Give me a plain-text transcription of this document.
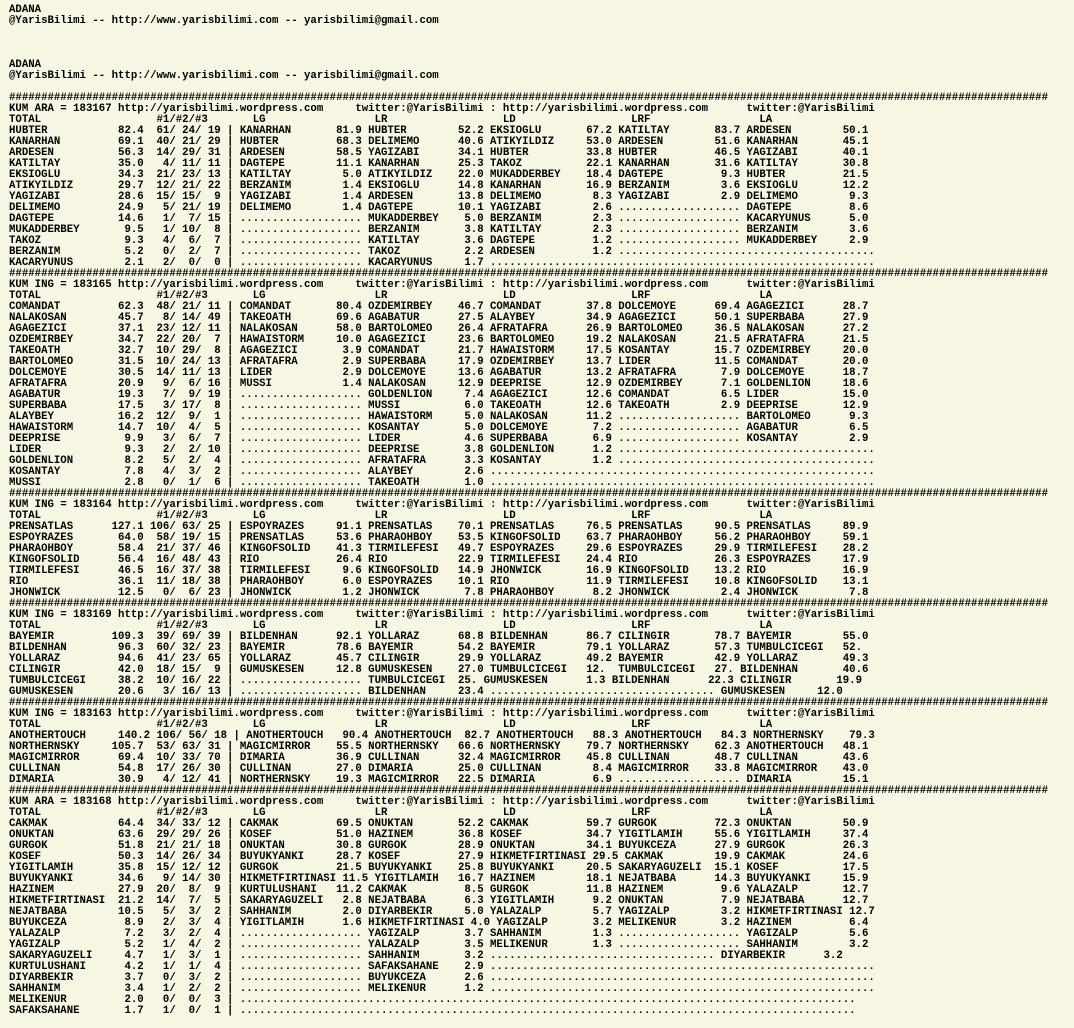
ADANA
@YarisBilimi -- http://www.yarisbilimi.com -- yarisbilimi@gmail.com

ADANA
@YarisBilimi -- http://www.yarisbilimi.com -- yarisbilimi@gmail.com

##################################################################################################################################################################
KUM ARA = 183167 http://yarisbilimi.wordpress.com     twitter:@YarisBilimi : http://yarisbilimi.wordpress.com      twitter:@YarisBilimi
TOTAL                  #1/#2/#3       LG                 LR                  LD                  LRF                 LA
HUBTER           82.4  61/ 24/ 19 | KANARHAN       81.9 HUBTER        52.2 EKSIOGLU       67.2 KATILTAY       83.7 ARDESEN        50.1
KANARHAN         69.1  40/ 21/ 29 | HUBTER         68.3 DELIMEMO      40.6 ATIKYILDIZ     53.0 ARDESEN        51.6 KANARHAN       45.1
ARDESEN          56.3  14/ 29/ 31 | ARDESEN        58.5 YAGIZABI      34.1 HUBTER         33.8 HUBTER         46.5 YAGIZABI       40.1
KATILTAY         35.0   4/ 11/ 11 | DAGTEPE        11.1 KANARHAN      25.3 TAKOZ          22.1 KANARHAN       31.6 KATILTAY       30.8
EKSIOGLU         34.3  21/ 23/ 13 | KATILTAY        5.0 ATIKYILDIZ    22.0 MUKADDERBEY    18.4 DAGTEPE         9.3 HUBTER         21.5
ATIKYILDIZ       29.7  12/ 21/ 22 | BERZANIM        1.4 EKSIOGLU      14.8 KANARHAN       16.9 BERZANIM        3.6 EKSIOGLU       12.2
YAGIZABI         28.6  15/ 15/  9 | YAGIZABI        1.4 ARDESEN       13.8 DELIMEMO        8.3 YAGIZABI        2.9 DELIMEMO        9.3
DELIMEMO         24.9   5/ 21/ 19 | DELIMEMO        1.4 DAGTEPE       10.1 YAGIZABI        2.6 ................... DAGTEPE         8.6
DAGTEPE          14.6   1/  7/ 15 | ................... MUKADDERBEY    5.0 BERZANIM        2.3 ................... KACARYUNUS      5.0
MUKADDERBEY       9.5   1/ 10/  8 | ................... BERZANIM       3.8 KATILTAY        2.3 ................... BERZANIM        3.6
TAKOZ             9.3   4/  6/  7 | ................... KATILTAY       3.6 DAGTEPE         1.2 ................... MUKADDERBEY     2.9
BERZANIM          5.2   0/  2/  7 | ................... TAKOZ          2.2 ARDESEN         1.2 ........................................
KACARYUNUS        2.1   2/  0/  0 | ................... KACARYUNUS     1.7 ............................................................
##################################################################################################################################################################
KUM ING = 183165 http://yarisbilimi.wordpress.com     twitter:@YarisBilimi : http://yarisbilimi.wordpress.com      twitter:@YarisBilimi
TOTAL                  #1/#2/#3       LG                 LR                  LD                  LRF                 LA
COMANDAT         62.3  48/ 21/ 11 | COMANDAT       80.4 OZDEMIRBEY    46.7 COMANDAT       37.8 DOLCEMOYE      69.4 AGAGEZICI      28.7
NALAKOSAN        45.7   8/ 14/ 49 | TAKEOATH       69.6 AGABATUR      27.5 ALAYBEY        34.9 AGAGEZICI      50.1 SUPERBABA      27.9
AGAGEZICI        37.1  23/ 12/ 11 | NALAKOSAN      58.0 BARTOLOMEO    26.4 AFRATAFRA      26.9 BARTOLOMEO     36.5 NALAKOSAN      27.2
OZDEMIRBEY       34.7  22/ 20/  7 | HAWAISTORM     10.0 AGAGEZICI     23.6 BARTOLOMEO     19.2 NALAKOSAN      21.5 AFRATAFRA      21.5
TAKEOATH         32.7  10/ 29/  8 | AGAGEZICI       3.9 COMANDAT      21.7 HAWAISTORM     17.5 KOSANTAY       15.7 OZDEMIRBEY     20.0
BARTOLOMEO       31.5  10/ 24/ 13 | AFRATAFRA       2.9 SUPERBABA     17.9 OZDEMIRBEY     13.7 LIDER          11.5 COMANDAT       20.0
DOLCEMOYE        30.5  14/ 11/ 13 | LIDER           2.9 DOLCEMOYE     13.6 AGABATUR       13.2 AFRATAFRA       7.9 DOLCEMOYE      18.7
AFRATAFRA        20.9   9/  6/ 16 | MUSSI           1.4 NALAKOSAN     12.9 DEEPRISE       12.9 OZDEMIRBEY      7.1 GOLDENLION     18.6
AGABATUR         19.3   7/  9/ 19 | ................... GOLDENLION     7.4 AGAGEZICI      12.6 COMANDAT        6.5 LIDER          15.0
SUPERBABA        17.5   3/ 17/  8 | ................... MUSSI          6.0 TAKEOATH       12.6 TAKEOATH        2.9 DEEPRISE       12.9
ALAYBEY          16.2  12/  9/  1 | ................... HAWAISTORM     5.0 NALAKOSAN      11.2 ................... BARTOLOMEO      9.3
HAWAISTORM       14.7  10/  4/  5 | ................... KOSANTAY       5.0 DOLCEMOYE       7.2 ................... AGABATUR        6.5
DEEPRISE          9.9   3/  6/  7 | ................... LIDER          4.6 SUPERBABA       6.9 ................... KOSANTAY        2.9
LIDER             9.3   2/  2/ 10 | ................... DEEPRISE       3.8 GOLDENLION      1.2 ........................................
GOLDENLION        8.2   5/  2/  4 | ................... AFRATAFRA      3.3 KOSANTAY        1.2 ........................................
KOSANTAY          7.8   4/  3/  2 | ................... ALAYBEY        2.6 ............................................................
MUSSI             2.8   0/  1/  6 | ................... TAKEOATH       1.0 ............................................................
##################################################################################################################################################################
KUM ING = 183164 http://yarisbilimi.wordpress.com     twitter:@YarisBilimi : http://yarisbilimi.wordpress.com      twitter:@YarisBilimi
TOTAL                  #1/#2/#3       LG                 LR                  LD                  LRF                 LA
PRENSATLAS      127.1 106/ 63/ 25 | ESPOYRAZES     91.1 PRENSATLAS    70.1 PRENSATLAS     76.5 PRENSATLAS     90.5 PRENSATLAS     89.9
ESPOYRAZES       64.0  58/ 19/ 15 | PRENSATLAS     53.6 PHARAOHBOY    53.5 KINGOFSOLID    63.7 PHARAOHBOY     56.2 PHARAOHBOY     59.1
PHARAOHBOY       58.4  21/ 37/ 46 | KINGOFSOLID    41.3 TIRMILEFESI   49.7 ESPOYRAZES     29.6 ESPOYRAZES     29.9 TIRMILEFESI    28.2
KINGOFSOLID      56.4  16/ 48/ 43 | RIO            26.4 RIO           22.9 TIRMILEFESI    24.4 RIO            26.3 ESPOYRAZES     17.9
TIRMILEFESI      46.5  16/ 37/ 38 | TIRMILEFESI     9.6 KINGOFSOLID   14.9 JHONWICK       16.9 KINGOFSOLID    13.2 RIO            16.9
RIO              36.1  11/ 18/ 38 | PHARAOHBOY      6.0 ESPOYRAZES    10.1 RIO            11.9 TIRMILEFESI    10.8 KINGOFSOLID    13.1
JHONWICK         12.5   0/  6/ 23 | JHONWICK        1.2 JHONWICK       7.8 PHARAOHBOY      8.2 JHONWICK        2.4 JHONWICK        7.8
##################################################################################################################################################################
KUM ING = 183169 http://yarisbilimi.wordpress.com     twitter:@YarisBilimi : http://yarisbilimi.wordpress.com      twitter:@YarisBilimi
TOTAL                  #1/#2/#3       LG                 LR                  LD                  LRF                 LA
BAYEMIR         109.3  39/ 69/ 39 | BILDENHAN      92.1 YOLLARAZ      68.8 BILDENHAN      86.7 CILINGIR       78.7 BAYEMIR        55.0
BILDENHAN        96.3  60/ 32/ 23 | BAYEMIR        78.6 BAYEMIR       54.2 BAYEMIR        79.1 YOLLARAZ       57.3 TUMBULCICEGI   52.
YOLLARAZ         94.6  41/ 23/ 65 | YOLLARAZ       45.7 CILINGIR      29.9 YOLLARAZ       49.2 BAYEMIR        42.9 YOLLARAZ       49.3
CILINGIR         42.0  18/ 15/  9 | GUMUSKESEN     12.8 GUMUSKESEN    27.0 TUMBULCICEGI   12.  TUMBULCICEGI   27. BILDENHAN       40.6
TUMBULCICEGI     38.2  10/ 16/ 22 | ................... TUMBULCICEGI  25. GUMUSKESEN      1.3 BILDENHAN      22.3 CILINGIR       19.9
GUMUSKESEN       20.6   3/ 16/ 13 | ................... BILDENHAN     23.4 ................................... GUMUSKESEN     12.0
##################################################################################################################################################################
KUM ING = 183163 http://yarisbilimi.wordpress.com     twitter:@YarisBilimi : http://yarisbilimi.wordpress.com      twitter:@YarisBilimi
TOTAL                  #1/#2/#3       LG                 LR                  LD                  LRF                 LA
ANOTHERTOUCH     140.2 106/ 56/ 18 | ANOTHERTOUCH   90.4 ANOTHERTOUCH  82.7 ANOTHERTOUCH   88.3 ANOTHERTOUCH   84.3 NORTHERNSKY    79.3
NORTHERNSKY     105.7  53/ 63/ 31 | MAGICMIRROR    55.5 NORTHERNSKY   66.6 NORTHERNSKY    79.7 NORTHERNSKY    62.3 ANOTHERTOUCH   48.1
MAGICMIRROR      69.4  10/ 33/ 70 | DIMARIA        36.9 CULLINAN      32.4 MAGICMIRROR    45.8 CULLINAN       48.7 CULLINAN       43.6
CULLINAN         54.8  17/ 26/ 30 | CULLINAN       27.0 DIMARIA       25.0 CULLINAN        8.4 MAGICMIRROR    33.8 MAGICMIRROR    43.0
DIMARIA          30.9   4/ 12/ 41 | NORTHERNSKY    19.3 MAGICMIRROR   22.5 DIMARIA         6.9 ................... DIMARIA        15.1
##################################################################################################################################################################
KUM ARA = 183168 http://yarisbilimi.wordpress.com     twitter:@YarisBilimi : http://yarisbilimi.wordpress.com      twitter:@YarisBilimi
TOTAL                  #1/#2/#3       LG                 LR                  LD                  LRF                 LA
CAKMAK           64.4  34/ 33/ 12 | CAKMAK         69.5 ONUKTAN       52.2 CAKMAK         59.7 GURGOK         72.3 ONUKTAN        50.9
ONUKTAN          63.6  29/ 29/ 26 | KOSEF          51.0 HAZINEM       36.8 KOSEF          34.7 YIGITLAMIH     55.6 YIGITLAMIH     37.4
GURGOK           51.8  21/ 21/ 18 | ONUKTAN        30.8 GURGOK        28.9 ONUKTAN        34.1 BUYUKCEZA      27.9 GURGOK         26.3
KOSEF            50.3  14/ 26/ 34 | BUYUKYANKI     28.7 KOSEF         27.9 HIKMETFIRTINASI 29.5 CAKMAK        19.9 CAKMAK         24.6
YIGITLAMIH       35.8  15/ 12/ 12 | GURGOK         21.5 BUYUKYANKI    25.8 BUYUKYANKI     20.5 SAKARYAGUZELI  15.1 KOSEF          17.5
BUYUKYANKI       34.6   9/ 14/ 30 | HIKMETFIRTINASI 11.5 YIGITLAMIH   16.7 HAZINEM        18.1 NEJATBABA      14.3 BUYUKYANKI     15.9
HAZINEM          27.9  20/  8/  9 | KURTULUSHANI   11.2 CAKMAK         8.5 GURGOK         11.8 HAZINEM         9.6 YALAZALP       12.7
HIKMETFIRTINASI  21.2  14/  7/  5 | SAKARYAGUZELI   2.8 NEJATBABA      6.3 YIGITLAMIH      9.2 ONUKTAN         7.9 NEJATBABA      12.7
NEJATBABA        10.5   5/  3/  2 | SAHHANIM        2.0 DIYARBEKIR     5.0 YALAZALP        5.7 YAGIZALP        3.2 HIKMETFIRTINASI 12.7
BUYUKCEZA         8.9   2/  3/  4 | YIGITLAMIH      1.6 HIKMETFIRTINASI 4.0 YAGIZALP       3.2 MELIKENUR       3.2 HAZINEM         6.4
YALAZALP          7.2   3/  2/  4 | ................... YAGIZALP       3.7 SAHHANIM        1.3 ................... YAGIZALP        5.6
YAGIZALP          5.2   1/  4/  2 | ................... YALAZALP       3.5 MELIKENUR       1.3 ................... SAHHANIM        3.2
SAKARYAGUZELI     4.7   1/  3/  1 | ................... SAHHANIM       3.2 ................................... DIYARBEKIR      3.2
KURTULUSHANI      4.2   1/  1/  4 | ................... SAFAKSAHANE    2.9 ............................................................
DIYARBEKIR        3.7   0/  3/  2 | ................... BUYUKCEZA      2.6 ............................................................
SAHHANIM          3.4   1/  2/  2 | ................... MELIKENUR      1.2 ............................................................
MELIKENUR         2.0   0/  0/  3 | ................................................................................................
SAFAKSAHANE       1.7   1/  0/  1 | ................................................................................................
